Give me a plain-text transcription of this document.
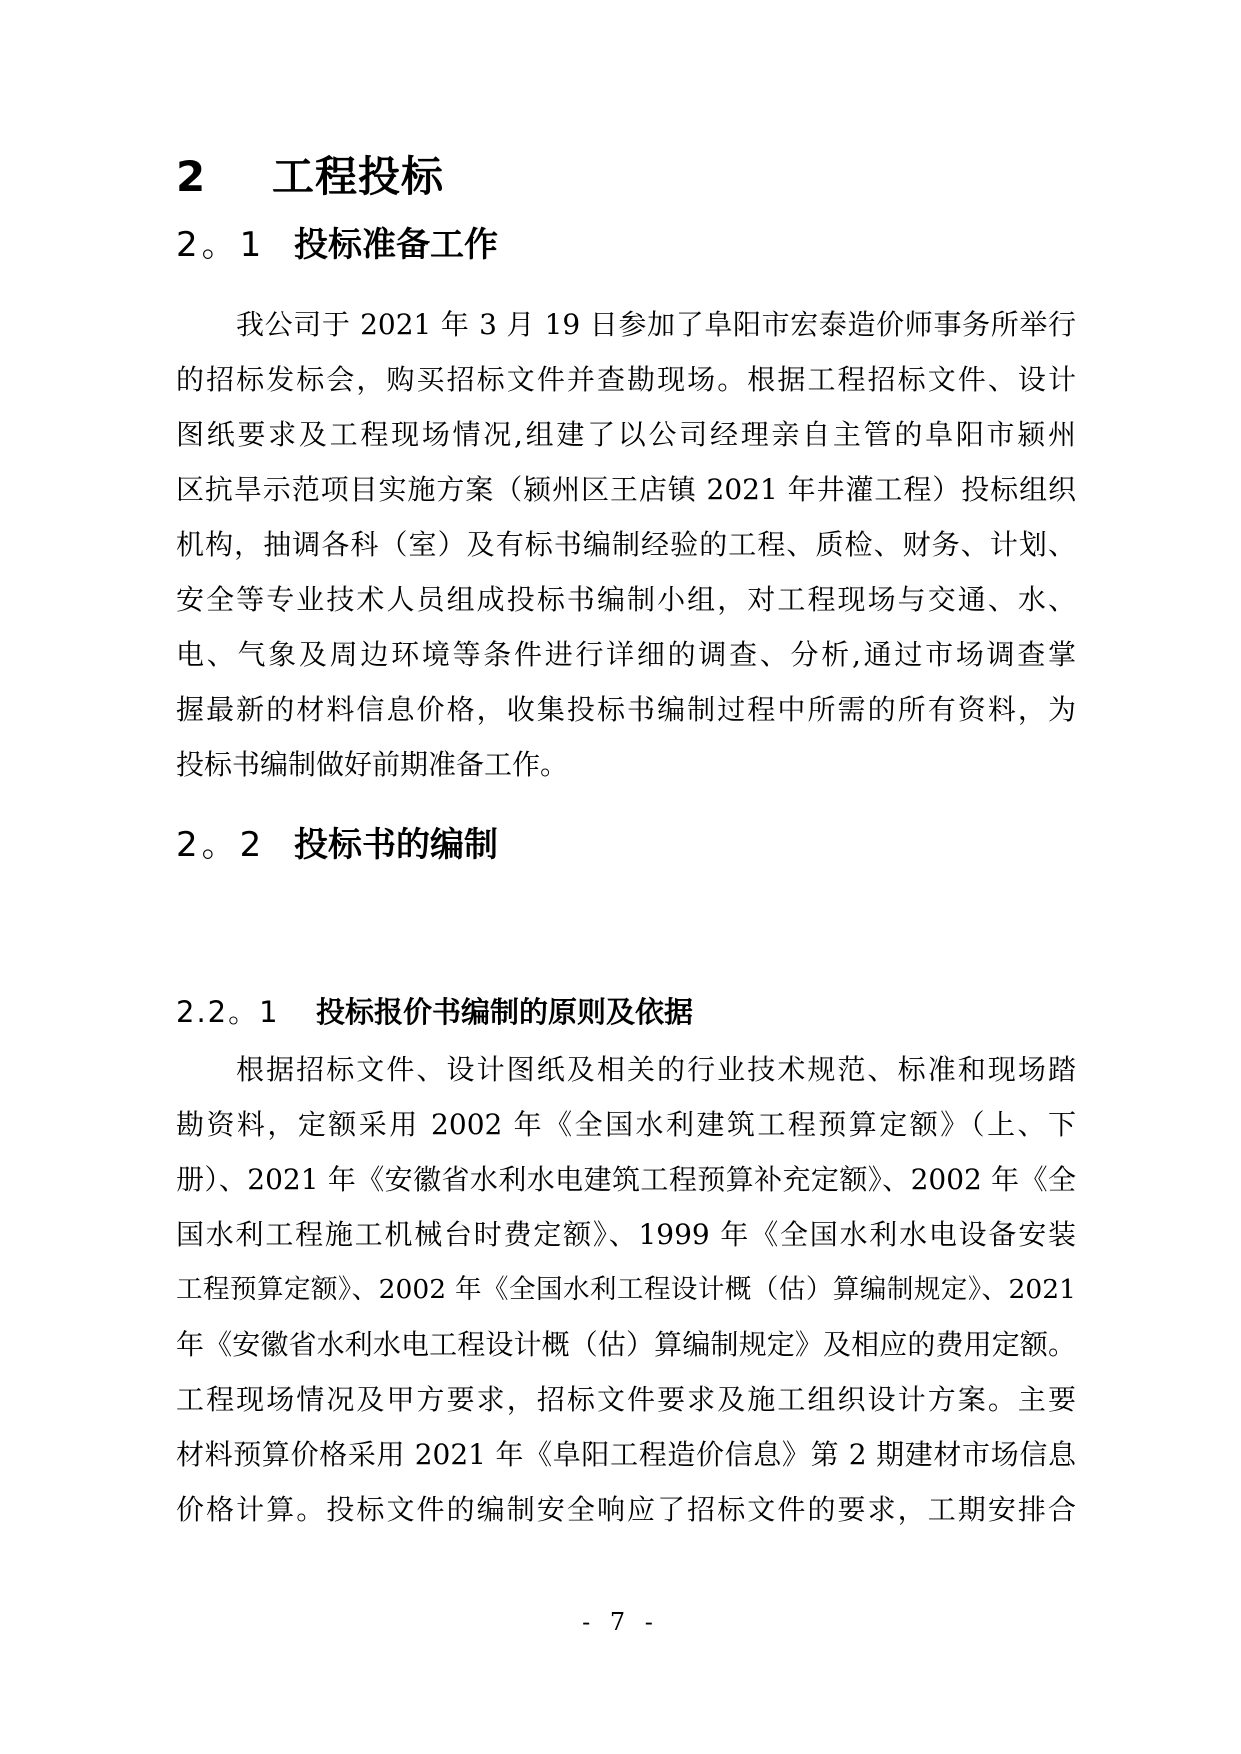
2 工程投标
2。1 投标准备工作
我公司于 2021 年 3 月 19 日参加了阜阳市宏泰造价师事务所举行
的招标发标会，购买招标文件并查勘现场。根据工程招标文件、设计
图纸要求及工程现场情况,组建了以公司经理亲自主管的阜阳市颍州
区抗旱示范项目实施方案（颍州区王店镇 2021 年井灌工程）投标组织
机构，抽调各科（室）及有标书编制经验的工程、质检、财务、计划、
安全等专业技术人员组成投标书编制小组，对工程现场与交通、水、
电、气象及周边环境等条件进行详细的调查、分析,通过市场调查掌
握最新的材料信息价格，收集投标书编制过程中所需的所有资料，为
投标书编制做好前期准备工作。
2。2 投标书的编制
2.2。1 投标报价书编制的原则及依据
根据招标文件、设计图纸及相关的行业技术规范、标准和现场踏
勘资料，定额采用 2002 年《全国水利建筑工程预算定额》（上、下
册）、2021 年《安徽省水利水电建筑工程预算补充定额》、2002 年《全
国水利工程施工机械台时费定额》、1999 年《全国水利水电设备安装
工程预算定额》、2002 年《全国水利工程设计概（估）算编制规定》、2021
年《安徽省水利水电工程设计概（估）算编制规定》及相应的费用定额。
工程现场情况及甲方要求，招标文件要求及施工组织设计方案。主要
材料预算价格采用 2021 年《阜阳工程造价信息》第 2 期建材市场信息
价格计算。投标文件的编制安全响应了招标文件的要求，工期安排合
- 7 -
